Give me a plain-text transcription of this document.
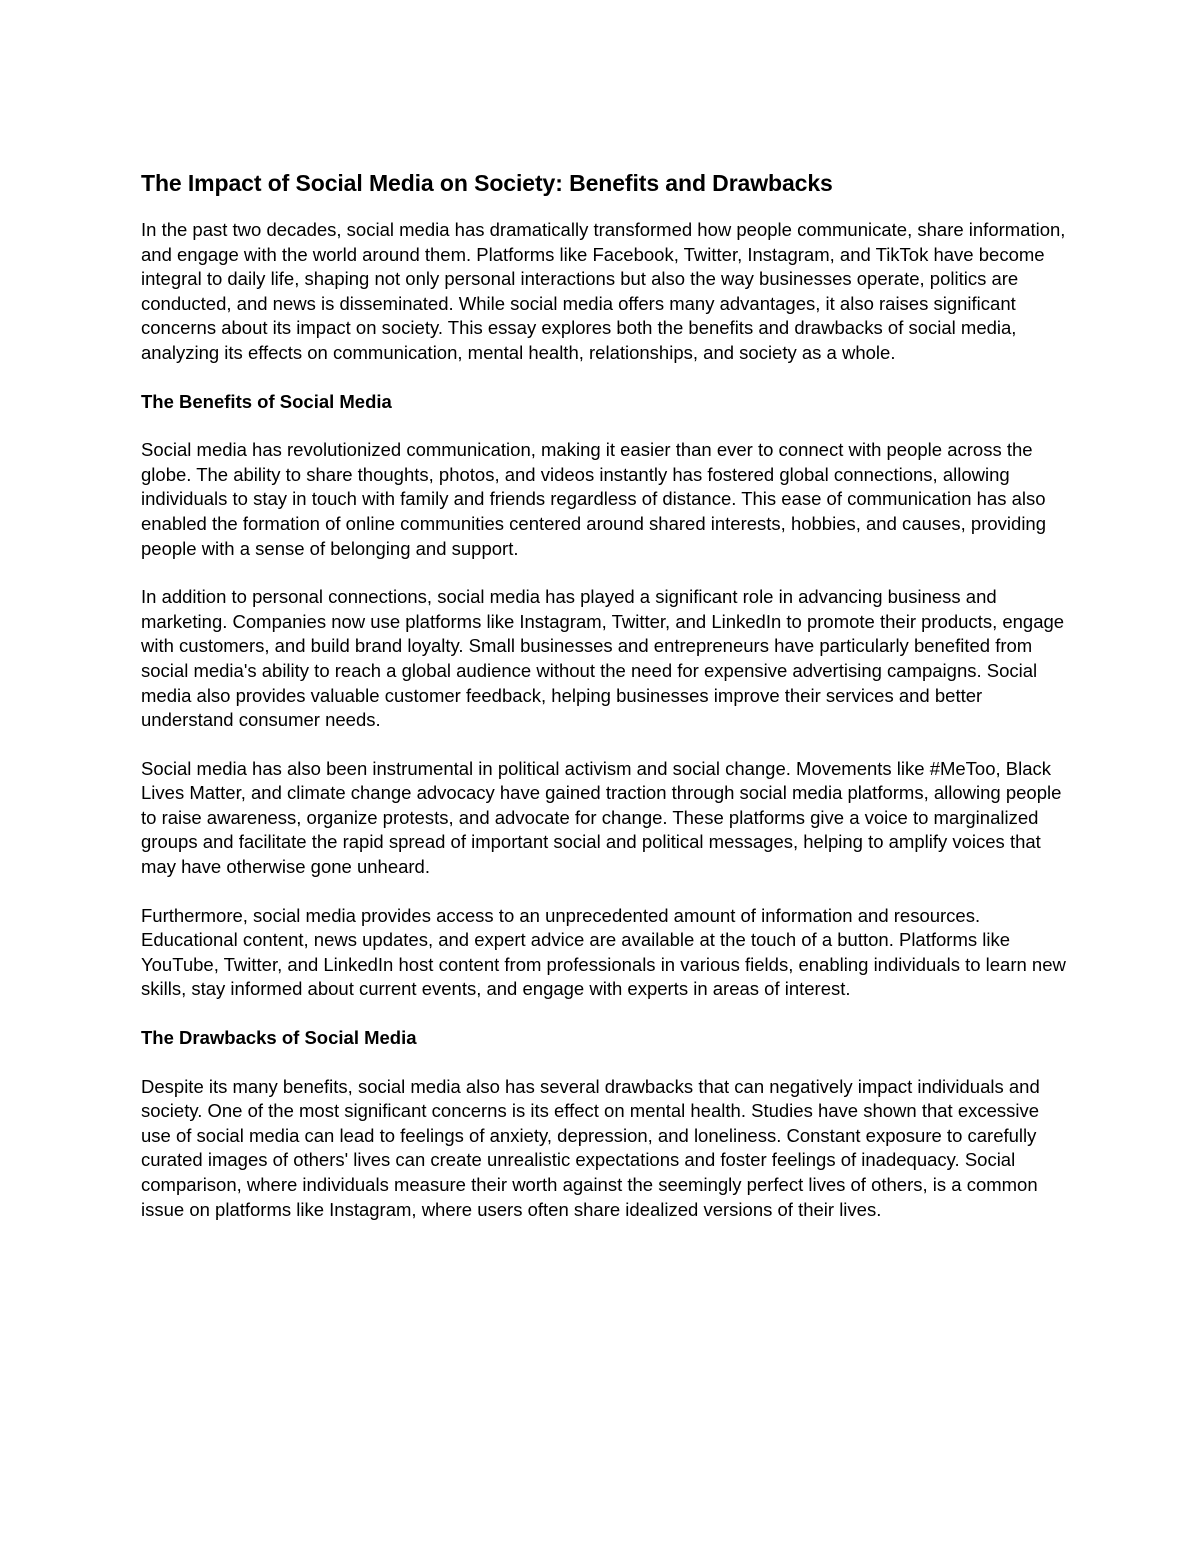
The Impact of Social Media on Society: Benefits and Drawbacks

In the past two decades, social media has dramatically transformed how people communicate, share information, and engage with the world around them. Platforms like Facebook, Twitter, Instagram, and TikTok have become integral to daily life, shaping not only personal interactions but also the way businesses operate, politics are conducted, and news is disseminated. While social media offers many advantages, it also raises significant concerns about its impact on society. This essay explores both the benefits and drawbacks of social media, analyzing its effects on communication, mental health, relationships, and society as a whole.

The Benefits of Social Media

Social media has revolutionized communication, making it easier than ever to connect with people across the globe. The ability to share thoughts, photos, and videos instantly has fostered global connections, allowing individuals to stay in touch with family and friends regardless of distance. This ease of communication has also enabled the formation of online communities centered around shared interests, hobbies, and causes, providing people with a sense of belonging and support.

In addition to personal connections, social media has played a significant role in advancing business and marketing. Companies now use platforms like Instagram, Twitter, and LinkedIn to promote their products, engage with customers, and build brand loyalty. Small businesses and entrepreneurs have particularly benefited from social media's ability to reach a global audience without the need for expensive advertising campaigns. Social media also provides valuable customer feedback, helping businesses improve their services and better understand consumer needs.

Social media has also been instrumental in political activism and social change. Movements like #MeToo, Black Lives Matter, and climate change advocacy have gained traction through social media platforms, allowing people to raise awareness, organize protests, and advocate for change. These platforms give a voice to marginalized groups and facilitate the rapid spread of important social and political messages, helping to amplify voices that may have otherwise gone unheard.

Furthermore, social media provides access to an unprecedented amount of information and resources. Educational content, news updates, and expert advice are available at the touch of a button. Platforms like YouTube, Twitter, and LinkedIn host content from professionals in various fields, enabling individuals to learn new skills, stay informed about current events, and engage with experts in areas of interest.

The Drawbacks of Social Media

Despite its many benefits, social media also has several drawbacks that can negatively impact individuals and society. One of the most significant concerns is its effect on mental health. Studies have shown that excessive use of social media can lead to feelings of anxiety, depression, and loneliness. Constant exposure to carefully curated images of others' lives can create unrealistic expectations and foster feelings of inadequacy. Social comparison, where individuals measure their worth against the seemingly perfect lives of others, is a common issue on platforms like Instagram, where users often share idealized versions of their lives.
